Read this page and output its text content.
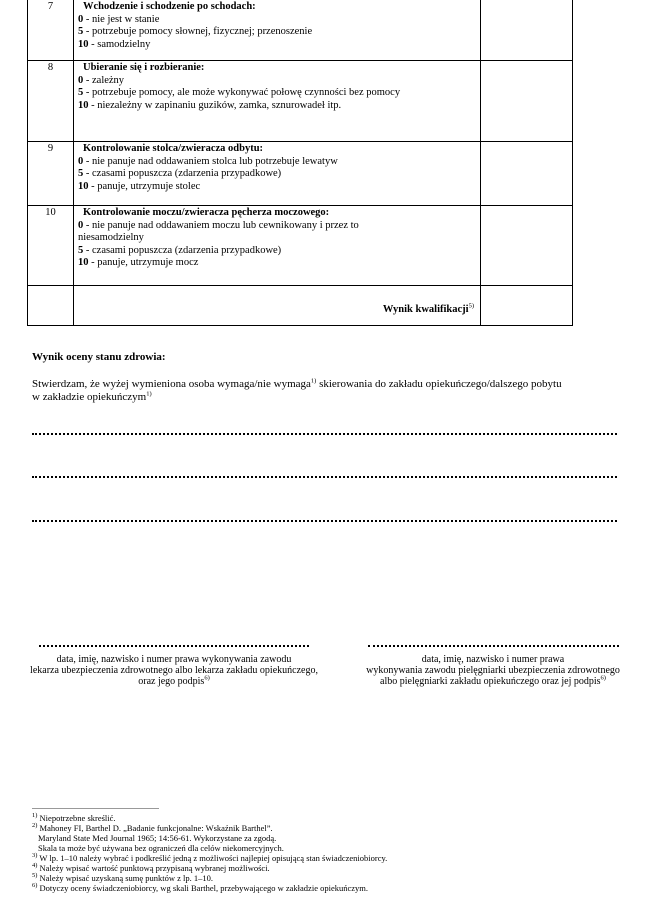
7	Wchodzenie i schodzenie po schodach:
0 - nie jest w stanie
5 - potrzebuje pomocy słownej, fizycznej; przenoszenie
10 - samodzielny	

8	Ubieranie się i rozbieranie:
0 - zależny
5 - potrzebuje pomocy, ale może wykonywać połowę czynności bez pomocy
10 - niezależny w zapinaniu guzików, zamka, sznurowadeł itp.	

9	Kontrolowanie stolca/zwieracza odbytu:
0 - nie panuje nad oddawaniem stolca lub potrzebuje lewatyw
5 - czasami popuszcza (zdarzenia przypadkowe)
10 - panuje, utrzymuje stolec	

10	Kontrolowanie moczu/zwieracza pęcherza moczowego:
0 - nie panuje nad oddawaniem moczu lub cewnikowany i przez to niesamodzielny
5 - czasami popuszcza (zdarzenia przypadkowe)
10 - panuje, utrzymuje mocz	

	Wynik kwalifikacji$^{5)}$	
Wynik oceny stanu zdrowia:
Stwierdzam, że wyżej wymieniona osoba wymaga/nie wymaga$^{1)}$ skierowania do zakładu opiekuńczego/dalszego pobytu
w zakładzie opiekuńczym$^{1)}$
data, imię, nazwisko i numer prawa wykonywania zawodu
lekarza ubezpieczenia zdrowotnego albo lekarza zakładu opiekuńczego,
oraz jego podpis$^{6)}$
data, imię, nazwisko i numer prawa
wykonywania zawodu pielęgniarki ubezpieczenia zdrowotnego
albo pielęgniarki zakładu opiekuńczego oraz jej podpis$^{6)}$
$^{1)}$ Niepotrzebne skreślić.
$^{2)}$ Mahoney FI, Barthel D. „Badanie funkcjonalne: Wskaźnik Barthel”.
Maryland State Med Journal 1965; 14:56-61. Wykorzystane za zgodą.
Skala ta może być używana bez ograniczeń dla celów niekomercyjnych.
$^{3)}$ W lp. 1–10 należy wybrać i podkreślić jedną z możliwości najlepiej opisującą stan świadczeniobiorcy.
$^{4)}$ Należy wpisać wartość punktową przypisaną wybranej możliwości.
$^{5)}$ Należy wpisać uzyskaną sumę punktów z lp. 1–10.
$^{6)}$ Dotyczy oceny świadczeniobiorcy, wg skali Barthel, przebywającego w zakładzie opiekuńczym.
